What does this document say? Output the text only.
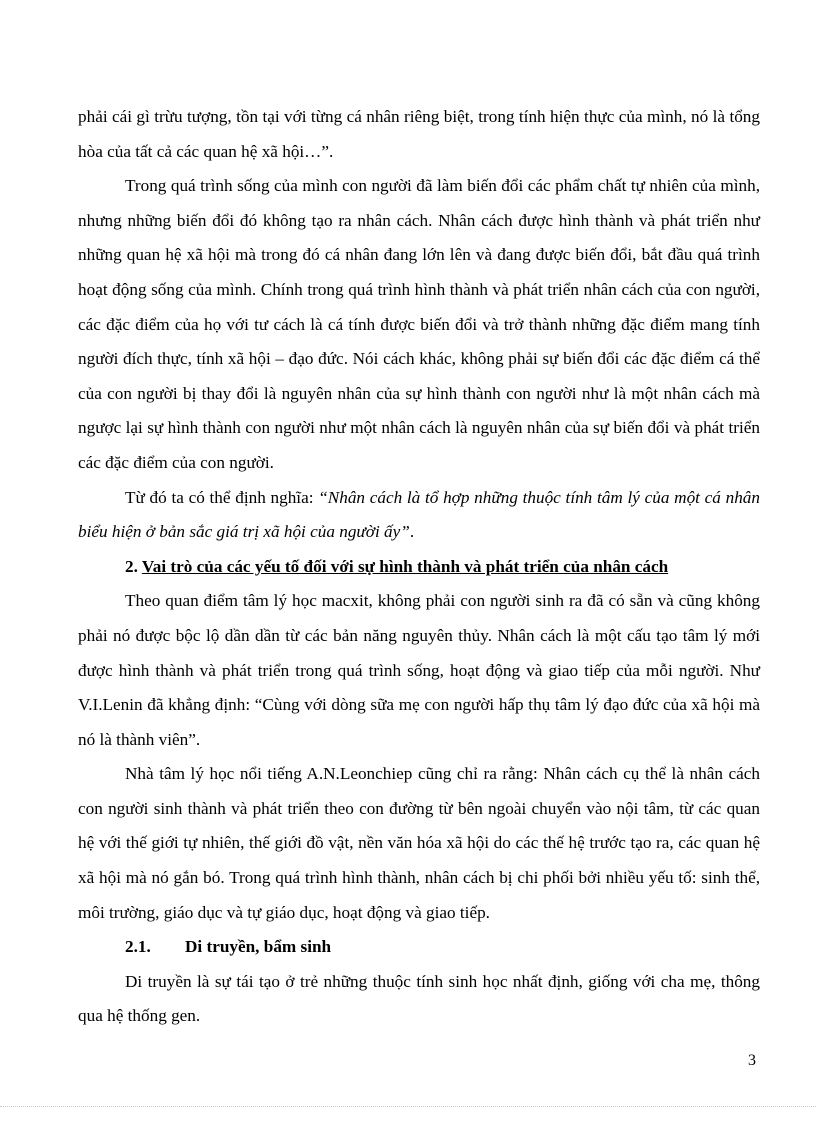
phải cái gì trừu tượng, tồn tại với từng cá nhân riêng biệt, trong tính hiện thực của mình, nó là tổng hòa của tất cả các quan hệ xã hội…”.

Trong quá trình sống của mình con người đã làm biến đổi các phẩm chất tự nhiên của mình, nhưng những biến đổi đó không tạo ra nhân cách. Nhân cách được hình thành và phát triển như những quan hệ xã hội mà trong đó cá nhân đang lớn lên và đang được biến đổi, bắt đầu quá trình hoạt động sống của mình. Chính trong quá trình hình thành và phát triển nhân cách của con người, các đặc điểm của họ với tư cách là cá tính được biến đổi và trở thành những đặc điểm mang tính người đích thực, tính xã hội – đạo đức. Nói cách khác, không phải sự biến đổi các đặc điểm cá thể của con người bị thay đổi là nguyên nhân của sự hình thành con người như là một nhân cách mà ngược lại sự hình thành con người như một nhân cách là nguyên nhân của sự biến đổi và phát triển các đặc điểm của con người.

Từ đó ta có thể định nghĩa: “Nhân cách là tổ hợp những thuộc tính tâm lý của một cá nhân biểu hiện ở bản sắc giá trị xã hội của người ấy”.

2. Vai trò của các yếu tố đối với sự hình thành và phát triển của nhân cách

Theo quan điểm tâm lý học macxit, không phải con người sinh ra đã có sẵn và cũng không phải nó được bộc lộ dần dần từ các bản năng nguyên thủy. Nhân cách là một cấu tạo tâm lý mới được hình thành và phát triển trong quá trình sống, hoạt động và giao tiếp của mỗi người. Như V.I.Lenin đã khẳng định: “Cùng với dòng sữa mẹ con người hấp thụ tâm lý đạo đức của xã hội mà nó là thành viên”.

Nhà tâm lý học nổi tiếng A.N.Leonchiep cũng chỉ ra rằng: Nhân cách cụ thể là nhân cách con người sinh thành và phát triển theo con đường từ bên ngoài chuyển vào nội tâm, từ các quan hệ với thế giới tự nhiên, thế giới đồ vật, nền văn hóa xã hội do các thế hệ trước tạo ra, các quan hệ xã hội mà nó gắn bó. Trong quá trình hình thành, nhân cách bị chi phối bởi nhiều yếu tố: sinh thể, môi trường, giáo dục và tự giáo dục, hoạt động và giao tiếp.

2.1. Di truyền, bẩm sinh

Di truyền là sự tái tạo ở trẻ những thuộc tính sinh học nhất định, giống với cha mẹ, thông qua hệ thống gen.

3
